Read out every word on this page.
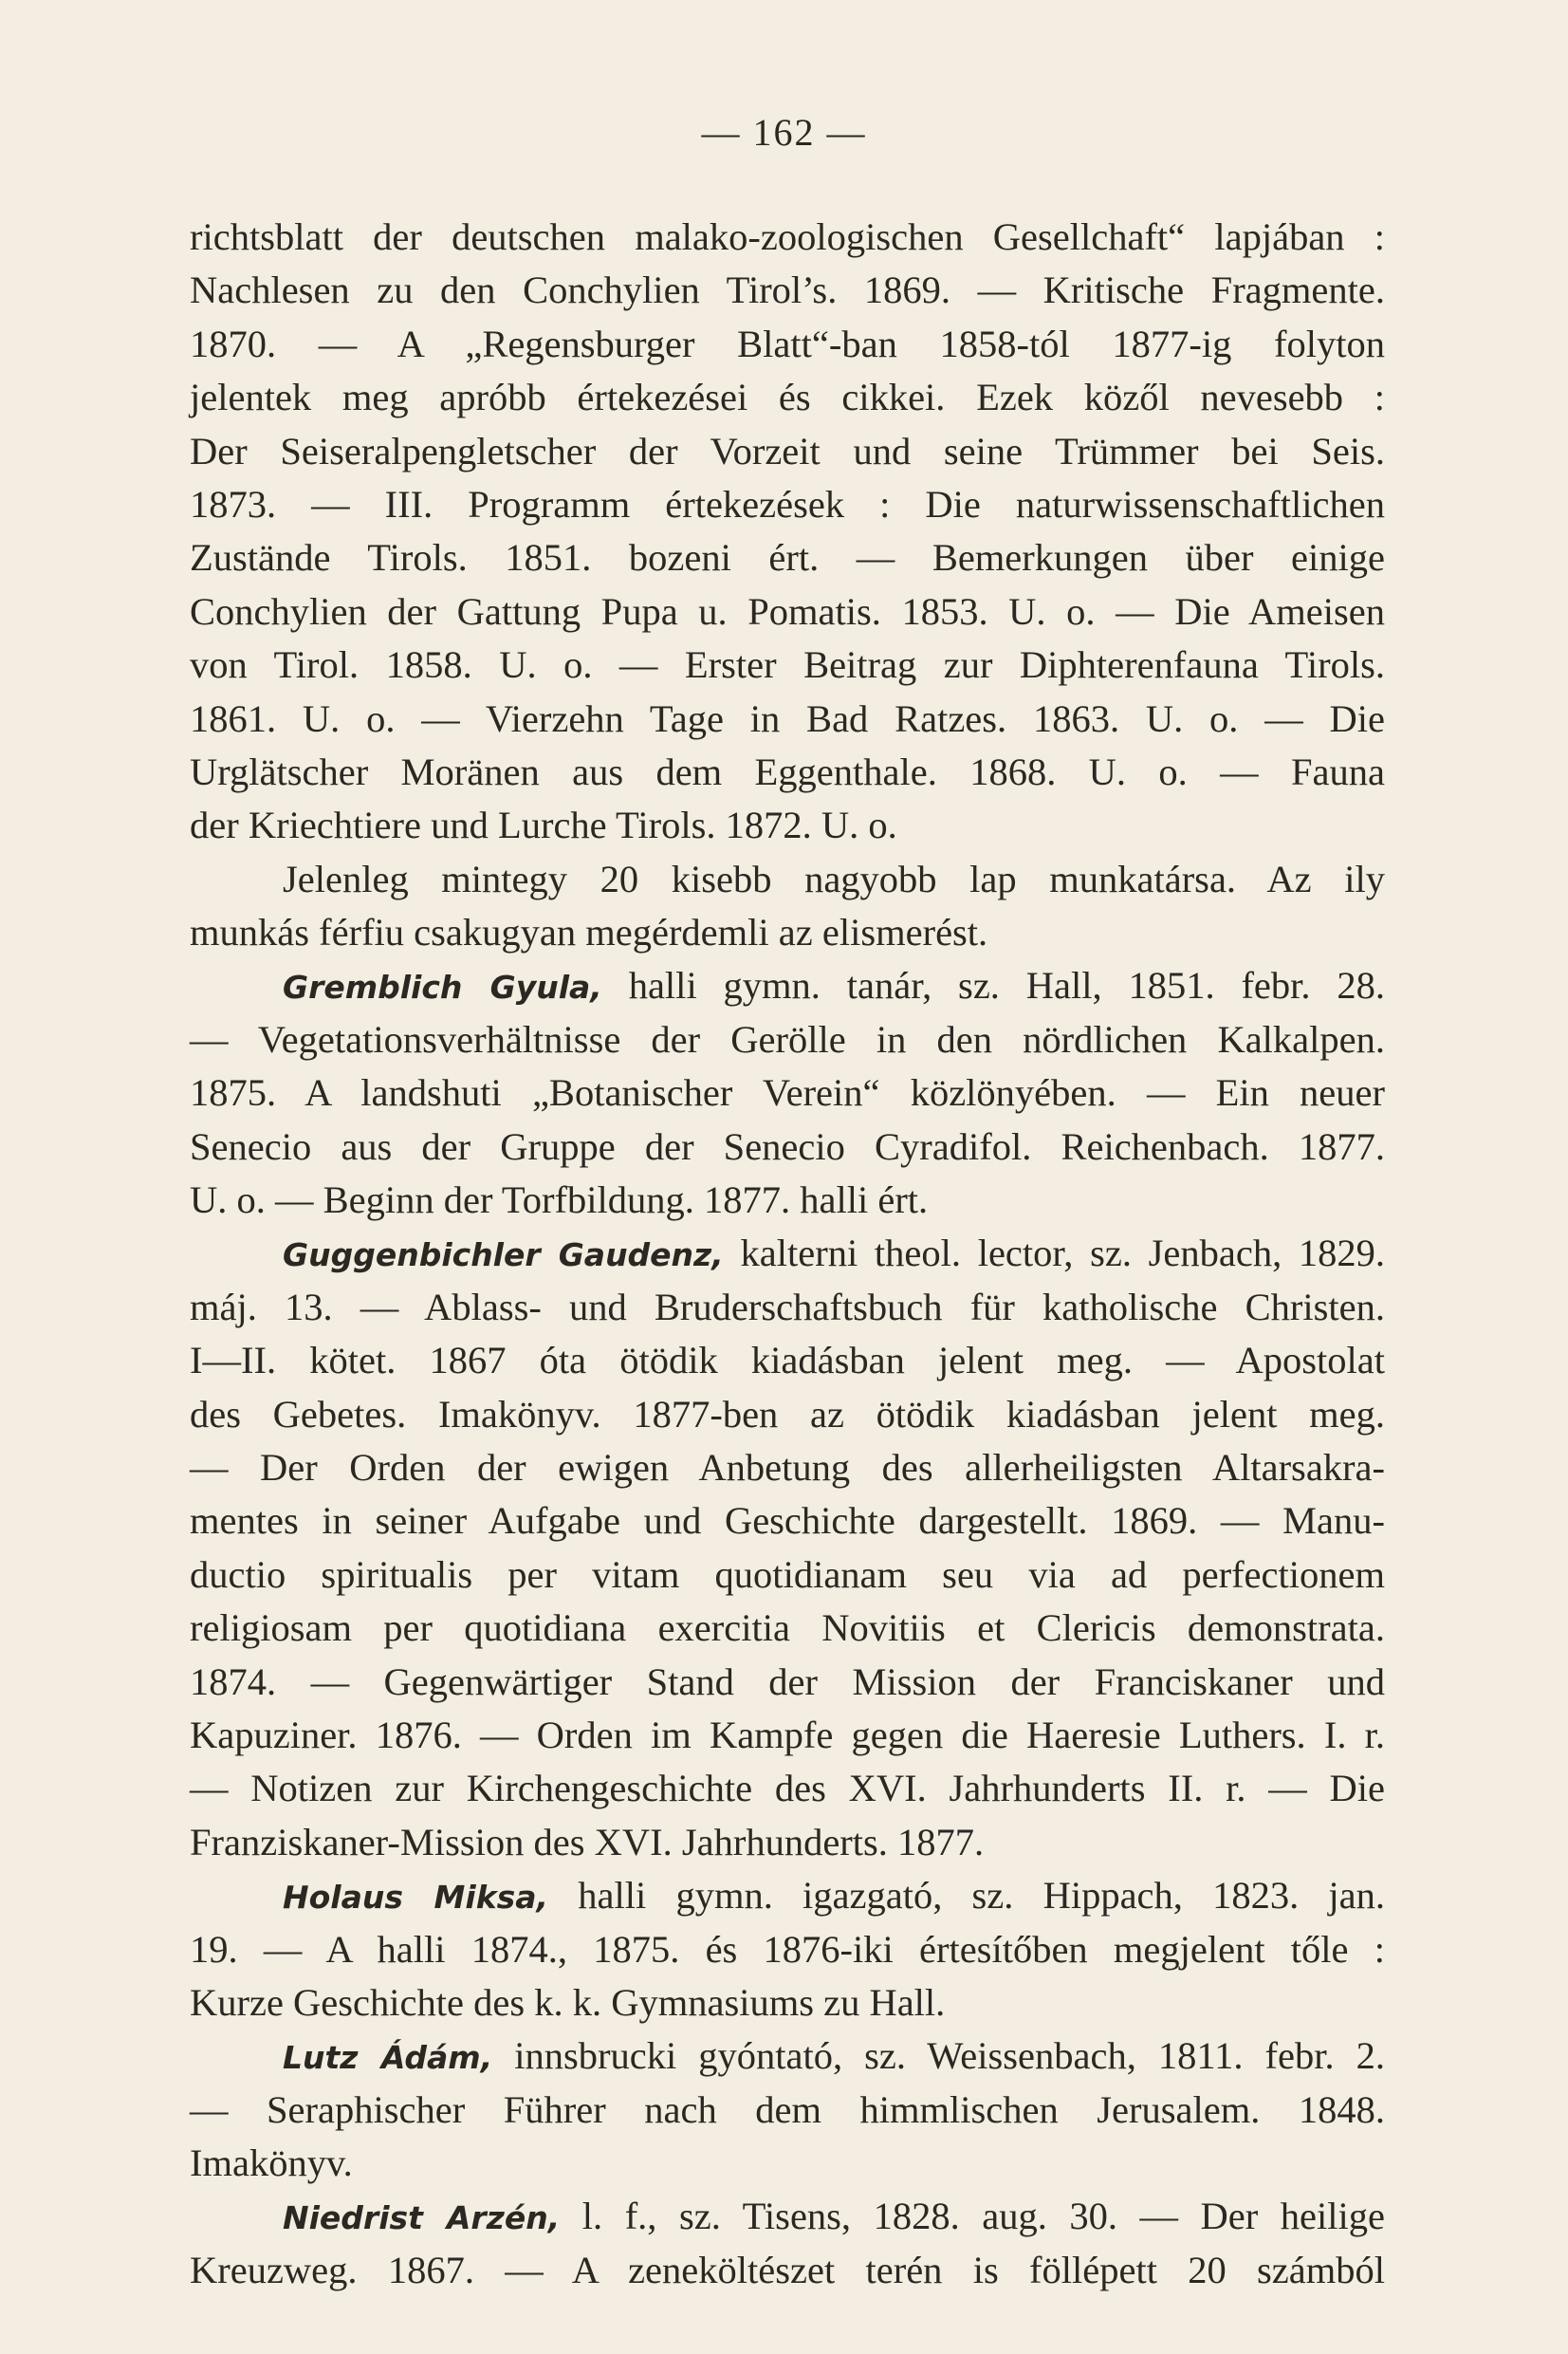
— 162 —
richtsblatt der deutschen malako-zoologischen Gesellchaft“ lapjában :
Nachlesen zu den Conchylien Tirol’s. 1869. — Kritische Fragmente.
1870. — A „Regensburger Blatt“-ban 1858-tól 1877-ig folyton
jelentek meg apróbb értekezései és cikkei. Ezek közől nevesebb :
Der Seiseralpengletscher der Vorzeit und seine Trümmer bei Seis.
1873. — III. Programm értekezések : Die naturwissenschaftlichen
Zustände Tirols. 1851. bozeni ért. — Bemerkungen über einige
Conchylien der Gattung Pupa u. Pomatis. 1853. U. o. — Die Ameisen
von Tirol. 1858. U. o. — Erster Beitrag zur Diphterenfauna Tirols.
1861. U. o. — Vierzehn Tage in Bad Ratzes. 1863. U. o. — Die
Urglätscher Moränen aus dem Eggenthale. 1868. U. o. — Fauna
der Kriechtiere und Lurche Tirols. 1872. U. o.
Jelenleg mintegy 20 kisebb nagyobb lap munkatársa. Az ily
munkás férfiu csakugyan megérdemli az elismerést.
Gremblich Gyula, halli gymn. tanár, sz. Hall, 1851. febr. 28.
— Vegetationsverhältnisse der Gerölle in den nördlichen Kalkalpen.
1875. A landshuti „Botanischer Verein“ közlönyében. — Ein neuer
Senecio aus der Gruppe der Senecio Cyradifol. Reichenbach. 1877.
U. o. — Beginn der Torfbildung. 1877. halli ért.
Guggenbichler Gaudenz, kalterni theol. lector, sz. Jenbach, 1829.
máj. 13. — Ablass- und Bruderschaftsbuch für katholische Christen.
I—II. kötet. 1867 óta ötödik kiadásban jelent meg. — Apostolat
des Gebetes. Imakönyv. 1877-ben az ötödik kiadásban jelent meg.
— Der Orden der ewigen Anbetung des allerheiligsten Altarsakra-
mentes in seiner Aufgabe und Geschichte dargestellt. 1869. — Manu-
ductio spiritualis per vitam quotidianam seu via ad perfectionem
religiosam per quotidiana exercitia Novitiis et Clericis demonstrata.
1874. — Gegenwärtiger Stand der Mission der Franciskaner und
Kapuziner. 1876. — Orden im Kampfe gegen die Haeresie Luthers. I. r.
— Notizen zur Kirchengeschichte des XVI. Jahrhunderts II. r. — Die
Franziskaner-Mission des XVI. Jahrhunderts. 1877.
Holaus Miksa, halli gymn. igazgató, sz. Hippach, 1823. jan.
19. — A halli 1874., 1875. és 1876-iki értesítőben megjelent tőle :
Kurze Geschichte des k. k. Gymnasiums zu Hall.
Lutz Ádám, innsbrucki gyóntató, sz. Weissenbach, 1811. febr. 2.
— Seraphischer Führer nach dem himmlischen Jerusalem. 1848.
Imakönyv.
Niedrist Arzén, l. f., sz. Tisens, 1828. aug. 30. — Der heilige
Kreuzweg. 1867. — A zeneköltészet terén is föllépett 20 számból
